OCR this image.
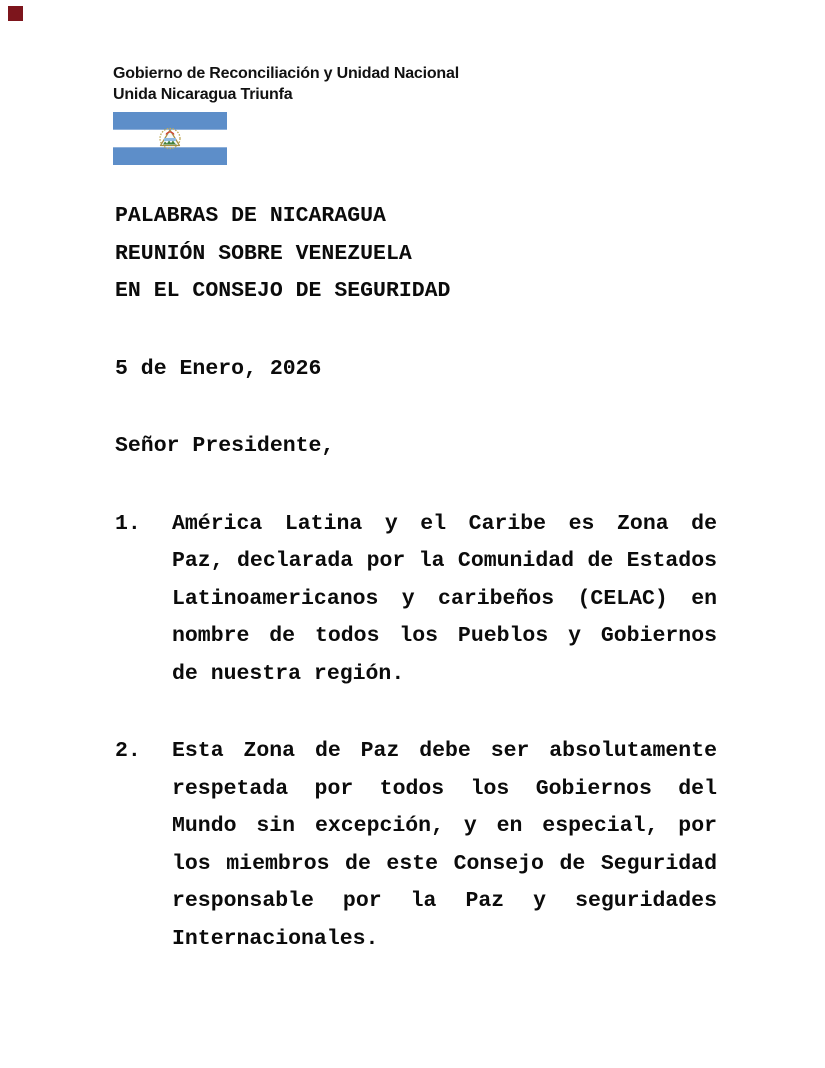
Gobierno de Reconciliación y Unidad Nacional
Unida Nicaragua Triunfa
PALABRAS DE NICARAGUA
REUNIÓN SOBRE VENEZUELA
EN EL CONSEJO DE SEGURIDAD
5 de Enero, 2026
Señor Presidente,
1. América Latina y el Caribe es Zona de
Paz, declarada por la Comunidad de Estados
Latinoamericanos y caribeños (CELAC) en
nombre de todos los Pueblos y Gobiernos
de nuestra región.
2. Esta Zona de Paz debe ser absolutamente
respetada por todos los Gobiernos del
Mundo sin excepción, y en especial, por
los miembros de este Consejo de Seguridad
responsable por la Paz y seguridades
Internacionales.
